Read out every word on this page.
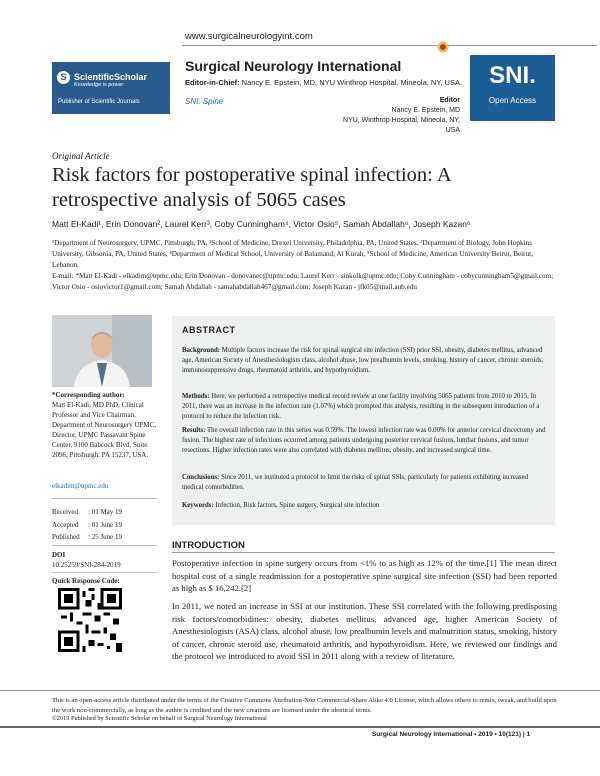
www.surgicalneurologyint.com
S ScientificScholar
Knowledge is power
Publisher of Scientific Journals
Surgical Neurology International
Editor-in-Chief: Nancy E. Epstein, MD, NYU Winthrop Hospital, Mineola, NY, USA.
SNI: Spine	Editor
Nancy E. Epstein, MD
NYU, Winthrop Hospital, Mineola, NY, USA
SNI.
Open Access
Original Article
Risk factors for postoperative spinal infection: A retrospective analysis of 5065 cases
Matt El-Kadi¹, Erin Donovan², Laurel Kerr³, Coby Cunningham⁴, Victor Osio⁵, Samah Abdallah⁶, Joseph Kazan⁶
¹Department of Neurosurgery, UPMC, Pittsburgh, PA, ²School of Medicine, Drexel University, Philadelphia, PA, United States, ³Department of Biology, John Hopkins University, Gibsonia, PA, United States, ⁴Department of Medical School, University of Balamand, Al Kurah, ⁵School of Medicine, American University Beirut, Beirut, Lebanon.
E-mail: *Matt El-Kadi - elkadim@upmc.edu; Erin Donovan - donovanec@upmc.edu; Laurel Kerr - sinkolk@upmc.edu; Coby Cunningham - cobycunningham5@gmail.com; Victor Osio - osiovictor1@gmail.com; Samah Abdallah - samahabdallah467@gmail.com; Joseph Kazan - jfk05@mail.aub.edu
*Corresponding author:
Matt El-Kadi, MD PhD, Clinical Professor and Vice Chairman, Department of Neurosurgery UPMC, Director, UPMC Passavant Spine Center, 9100 Babcock Blvd, Suite 2096, Pittsburgh, PA 15237, USA.
elkadim@upmc.edu
Received : 01 May 19
Accepted : 01 June 19
Published : 25 June 19
DOI
10.25259/SNI-284-2019
Quick Response Code:
ABSTRACT
Background: Multiple factors increase the risk for spinal surgical site infection (SSI) prior SSI, obesity, diabetes mellitus, advanced age, American Society of Anesthesiologists class, alcohol abuse, low prealbumin levels, smoking, history of cancer, chronic steroids, immunosuppressive drugs, rheumatoid arthritis, and hypothyroidism.
Methods: Here, we performed a retrospective medical record review at one facility involving 5065 patients from 2010 to 2015. In 2011, there was an increase in the infection rate (1.07%) which prompted this analysis, resulting in the subsequent introduction of a protocol to reduce the infection risk.
Results: The overall infection rate in this series was 0.59%. The lowest infection rate was 0.00% for anterior cervical discectomy and fusion. The highest rate of infections occurred among patients undergoing posterior cervical fusions, lumbar fusions, and tumor resections. Higher infection rates were also correlated with diabetes mellitus, obesity, and increased surgical time.
Conclusions: Since 2011, we instituted a protocol to limit the risks of spinal SSIs, particularly for patients exhibiting increased medical comorbidities.
Keywords: Infection, Risk factors, Spine surgery, Surgical site infection
INTRODUCTION
Postoperative infection in spine surgery occurs from <1% to as high as 12% of the time.[1] The mean direct hospital cost of a single readmission for a postoperative spine surgical site infection (SSI) had been reported as high as $ 16,242.[2]
In 2011, we noted an increase in SSI at our institution. These SSI correlated with the following predisposing risk factors/comorbidities: obesity, diabetes mellitus, advanced age, higher American Society of Anesthesiologists (ASA) class, alcohol abuse, low prealbumin levels and malnutrition status, smoking, history of cancer, chronic steroid use, rheumatoid arthritis, and hypothyroidism. Here, we reviewed our findings and the protocol we introduced to avoid SSI in 2011 along with a review of literature.
This is an open-access article distributed under the terms of the Creative Commons Attribution-Non Commercial-Share Alike 4.0 License, which allows others to remix, tweak, and build upon the work non-commercially, as long as the author is credited and the new creations are licensed under the identical terms.
©2019 Published by Scientific Scholar on behalf of Surgical Neurology International
Surgical Neurology International • 2019 • 10(121) | 1
